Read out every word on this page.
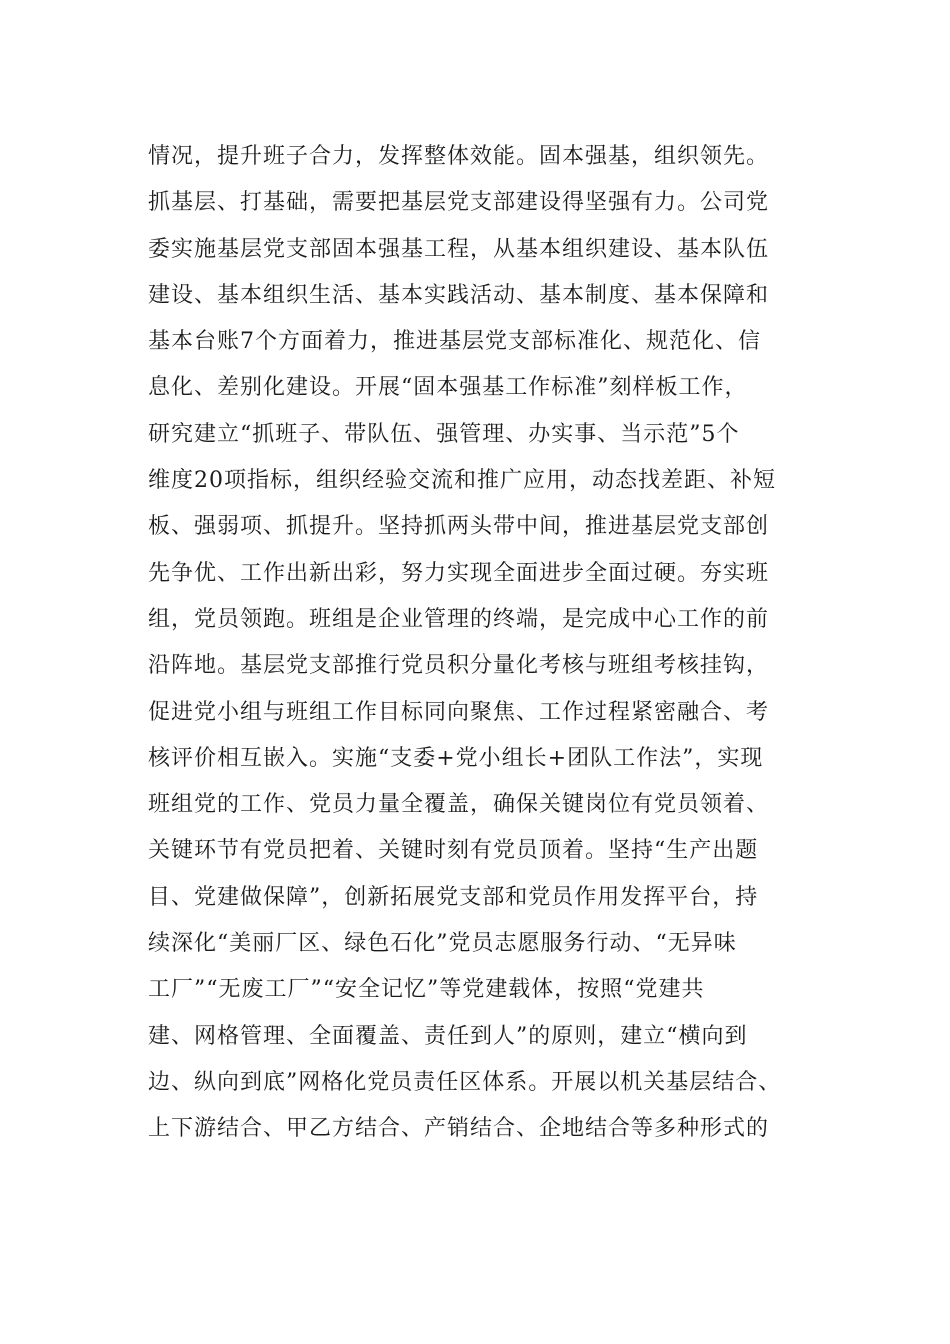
情况，提升班子合力，发挥整体效能。固本强基，组织领先。
抓基层、打基础，需要把基层党支部建设得坚强有力。公司党
委实施基层党支部固本强基工程，从基本组织建设、基本队伍
建设、基本组织生活、基本实践活动、基本制度、基本保障和
基本台账7个方面着力，推进基层党支部标准化、规范化、信
息化、差别化建设。开展“固本强基工作标准”刻样板工作，
研究建立“抓班子、带队伍、强管理、办实事、当示范”5个
维度20项指标，组织经验交流和推广应用，动态找差距、补短
板、强弱项、抓提升。坚持抓两头带中间，推进基层党支部创
先争优、工作出新出彩，努力实现全面进步全面过硬。夯实班
组，党员领跑。班组是企业管理的终端，是完成中心工作的前
沿阵地。基层党支部推行党员积分量化考核与班组考核挂钩，
促进党小组与班组工作目标同向聚焦、工作过程紧密融合、考
核评价相互嵌入。实施“支委+党小组长+团队工作法”，实现
班组党的工作、党员力量全覆盖，确保关键岗位有党员领着、
关键环节有党员把着、关键时刻有党员顶着。坚持“生产出题
目、党建做保障”，创新拓展党支部和党员作用发挥平台，持
续深化“美丽厂区、绿色石化”党员志愿服务行动、“无异味
工厂”“无废工厂”“安全记忆”等党建载体，按照“党建共
建、网格管理、全面覆盖、责任到人”的原则，建立“横向到
边、纵向到底”网格化党员责任区体系。开展以机关基层结合、
上下游结合、甲乙方结合、产销结合、企地结合等多种形式的
